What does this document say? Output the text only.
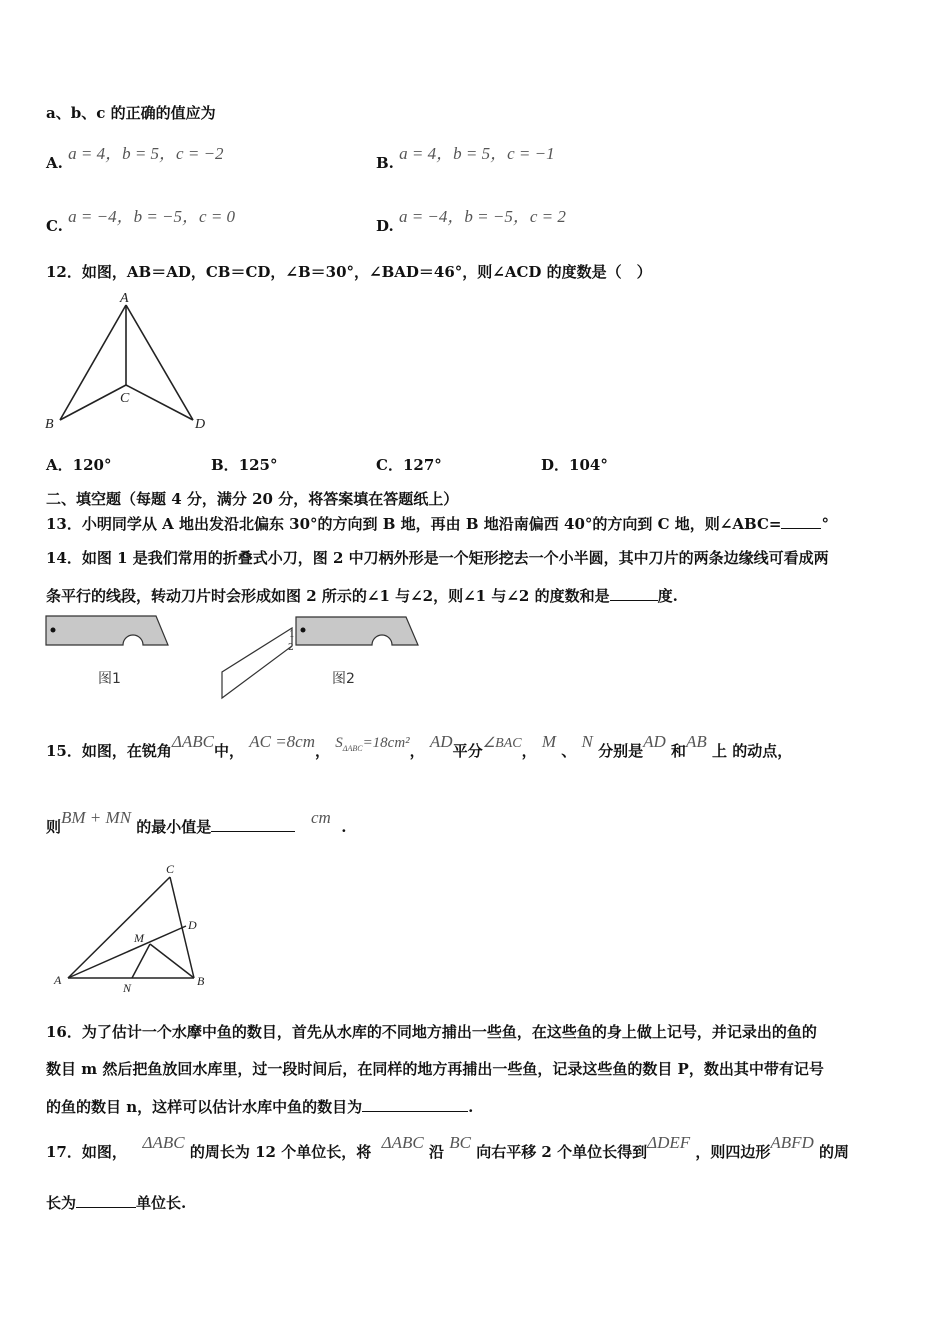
a、b、c 的正确的值应为
A. a = 4，b = 5，c = −2	B. a = 4，b = 5，c = −1
C. a = −4，b = −5，c = 0	D. a = −4，b = −5，c = 2
12．如图，AB＝AD，CB＝CD，∠B＝30°，∠BAD＝46°，则∠ACD 的度数是（　）
A
B
C
D
A．120°	B．125°	C．127°	D．104°
二、填空题（每题 4 分，满分 20 分，将答案填在答题纸上）
13．小明同学从 A 地出发沿北偏东 30°的方向到 B 地，再由 B 地沿南偏西 40°的方向到 C 地，则∠ABC=	°
14．如图 1 是我们常用的折叠式小刀，图 2 中刀柄外形是一个矩形挖去一个小半圆，其中刀片的两条边缘线可看成两
条平行的线段，转动刀片时会形成如图 2 所示的∠1 与∠2，则∠1 与∠2 的度数和是	度.
图1
1
2
图2
15．如图，在锐角ΔABC中， AC =8cm， $S_{\Delta ABC}=18cm^2$， AD平分∠BAC， M 、 N 分别是AD 和AB 上 的动点，
则BM + MN 的最小值是	cm .
C
A	B
D
M
N
16．为了估计一个水摩中鱼的数目，首先从水库的不同地方捕出一些鱼，在这些鱼的身上做上记号，并记录出的鱼的
数目 m 然后把鱼放回水库里，过一段时间后，在同样的地方再捕出一些鱼，记录这些鱼的数目 P，数出其中带有记号
的鱼的数目 n，这样可以估计水库中鱼的数目为	.
17．如图， ΔABC 的周长为 12 个单位长，将 ΔABC 沿 BC 向右平移 2 个单位长得到ΔDEF ，则四边形ABFD 的周
长为	单位长.
